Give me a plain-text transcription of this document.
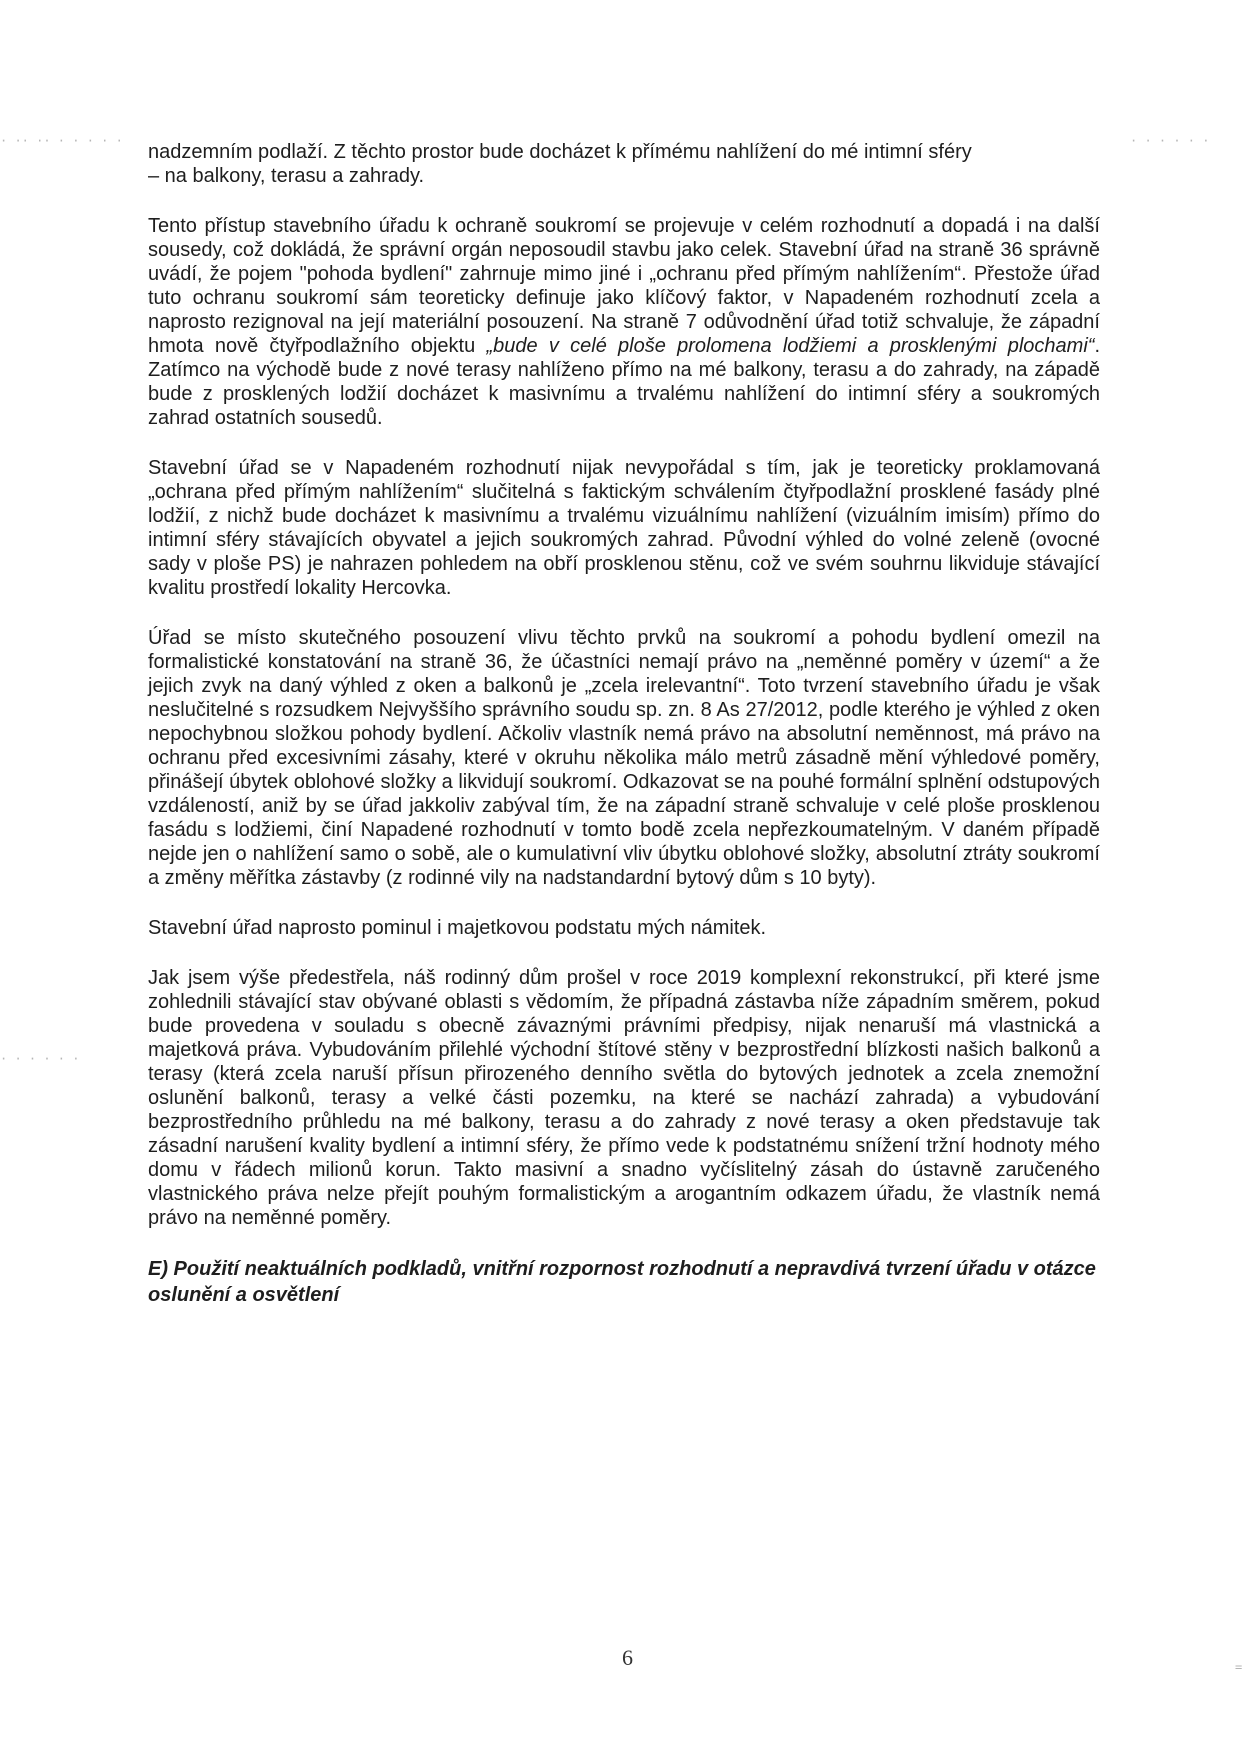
· ·· ·· · · · · ·	· · · · · ·
· · · · · ·
=

nadzemním podlaží. Z těchto prostor bude docházet k přímému nahlížení do mé intimní sféry
– na balkony, terasu a zahrady.

Tento přístup stavebního úřadu k ochraně soukromí se projevuje v celém rozhodnutí a dopadá i na další sousedy, což dokládá, že správní orgán neposoudil stavbu jako celek. Stavební úřad na straně 36 správně uvádí, že pojem "pohoda bydlení" zahrnuje mimo jiné i „ochranu před přímým nahlížením“. Přestože úřad tuto ochranu soukromí sám teoreticky definuje jako klíčový faktor, v Napadeném rozhodnutí zcela a naprosto rezignoval na její materiální posouzení. Na straně 7 odůvodnění úřad totiž schvaluje, že západní hmota nově čtyřpodlažního objektu „bude v celé ploše prolomena lodžiemi a prosklenými plochami“. Zatímco na východě bude z nové terasy nahlíženo přímo na mé balkony, terasu a do zahrady, na západě bude z prosklených lodžií docházet k masivnímu a trvalému nahlížení do intimní sféry a soukromých zahrad ostatních sousedů.

Stavební úřad se v Napadeném rozhodnutí nijak nevypořádal s tím, jak je teoreticky proklamovaná „ochrana před přímým nahlížením“ slučitelná s faktickým schválením čtyřpodlažní prosklené fasády plné lodžií, z nichž bude docházet k masivnímu a trvalému vizuálnímu nahlížení (vizuálním imisím) přímo do intimní sféry stávajících obyvatel a jejich soukromých zahrad. Původní výhled do volné zeleně (ovocné sady v ploše PS) je nahrazen pohledem na obří prosklenou stěnu, což ve svém souhrnu likviduje stávající kvalitu prostředí lokality Hercovka.

Úřad se místo skutečného posouzení vlivu těchto prvků na soukromí a pohodu bydlení omezil na formalistické konstatování na straně 36, že účastníci nemají právo na „neměnné poměry v území“ a že jejich zvyk na daný výhled z oken a balkonů je „zcela irelevantní“. Toto tvrzení stavebního úřadu je však neslučitelné s rozsudkem Nejvyššího správního soudu sp. zn. 8 As 27/2012, podle kterého je výhled z oken nepochybnou složkou pohody bydlení. Ačkoliv vlastník nemá právo na absolutní neměnnost, má právo na ochranu před excesivními zásahy, které v okruhu několika málo metrů zásadně mění výhledové poměry, přinášejí úbytek oblohové složky a likvidují soukromí. Odkazovat se na pouhé formální splnění odstupových vzdáleností, aniž by se úřad jakkoliv zabýval tím, že na západní straně schvaluje v celé ploše prosklenou fasádu s lodžiemi, činí Napadené rozhodnutí v tomto bodě zcela nepřezkoumatelným. V daném případě nejde jen o nahlížení samo o sobě, ale o kumulativní vliv úbytku oblohové složky, absolutní ztráty soukromí a změny měřítka zástavby (z rodinné vily na nadstandardní bytový dům s 10 byty).

Stavební úřad naprosto pominul i majetkovou podstatu mých námitek.

Jak jsem výše předestřela, náš rodinný dům prošel v roce 2019 komplexní rekonstrukcí, při které jsme zohlednili stávající stav obývané oblasti s vědomím, že případná zástavba níže západním směrem, pokud bude provedena v souladu s obecně závaznými právními předpisy, nijak nenaruší má vlastnická a majetková práva. Vybudováním přilehlé východní štítové stěny v bezprostřední blízkosti našich balkonů a terasy (která zcela naruší přísun přirozeného denního světla do bytových jednotek a zcela znemožní oslunění balkonů, terasy a velké části pozemku, na které se nachází zahrada) a vybudování bezprostředního průhledu na mé balkony, terasu a do zahrady z nové terasy a oken představuje tak zásadní narušení kvality bydlení a intimní sféry, že přímo vede k podstatnému snížení tržní hodnoty mého domu v řádech milionů korun. Takto masivní a snadno vyčíslitelný zásah do ústavně zaručeného vlastnického práva nelze přejít pouhým formalistickým a arogantním odkazem úřadu, že vlastník nemá právo na neměnné poměry.

E) Použití neaktuálních podkladů, vnitřní rozpornost rozhodnutí a nepravdivá tvrzení úřadu v otázce oslunění a osvětlení

6
